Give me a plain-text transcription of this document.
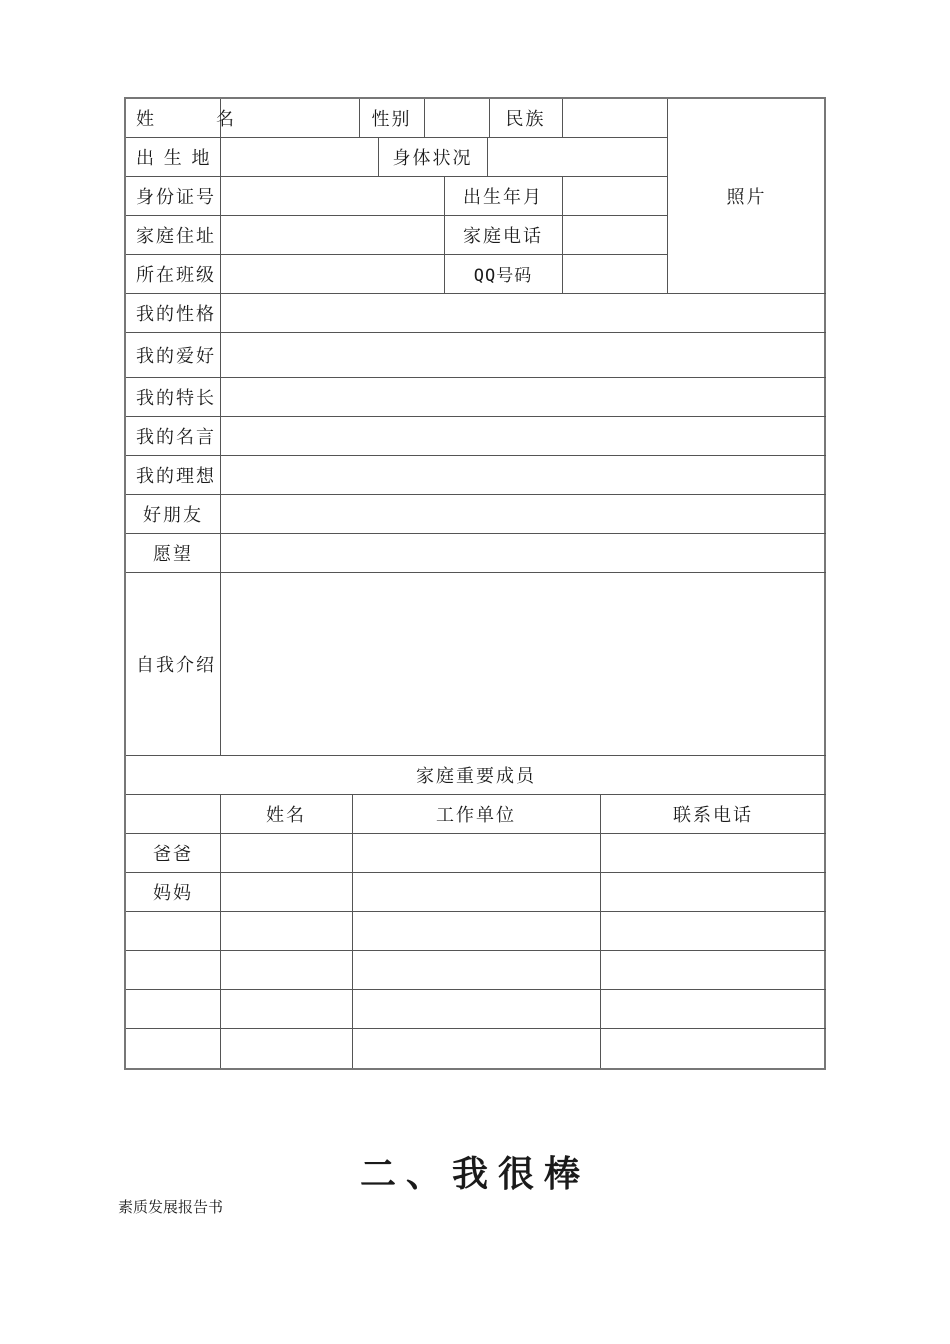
姓　名	性别	民族
出 生 地	身体状况
身份证号	出生年月
家庭住址	家庭电话
所在班级	QQ号码
照片
我的性格
我的爱好
我的特长
我的名言
我的理想
好朋友
愿望
自我介绍
家庭重要成员
姓名	工作单位	联系电话
爸爸
妈妈
二、我很棒
素质发展报告书
